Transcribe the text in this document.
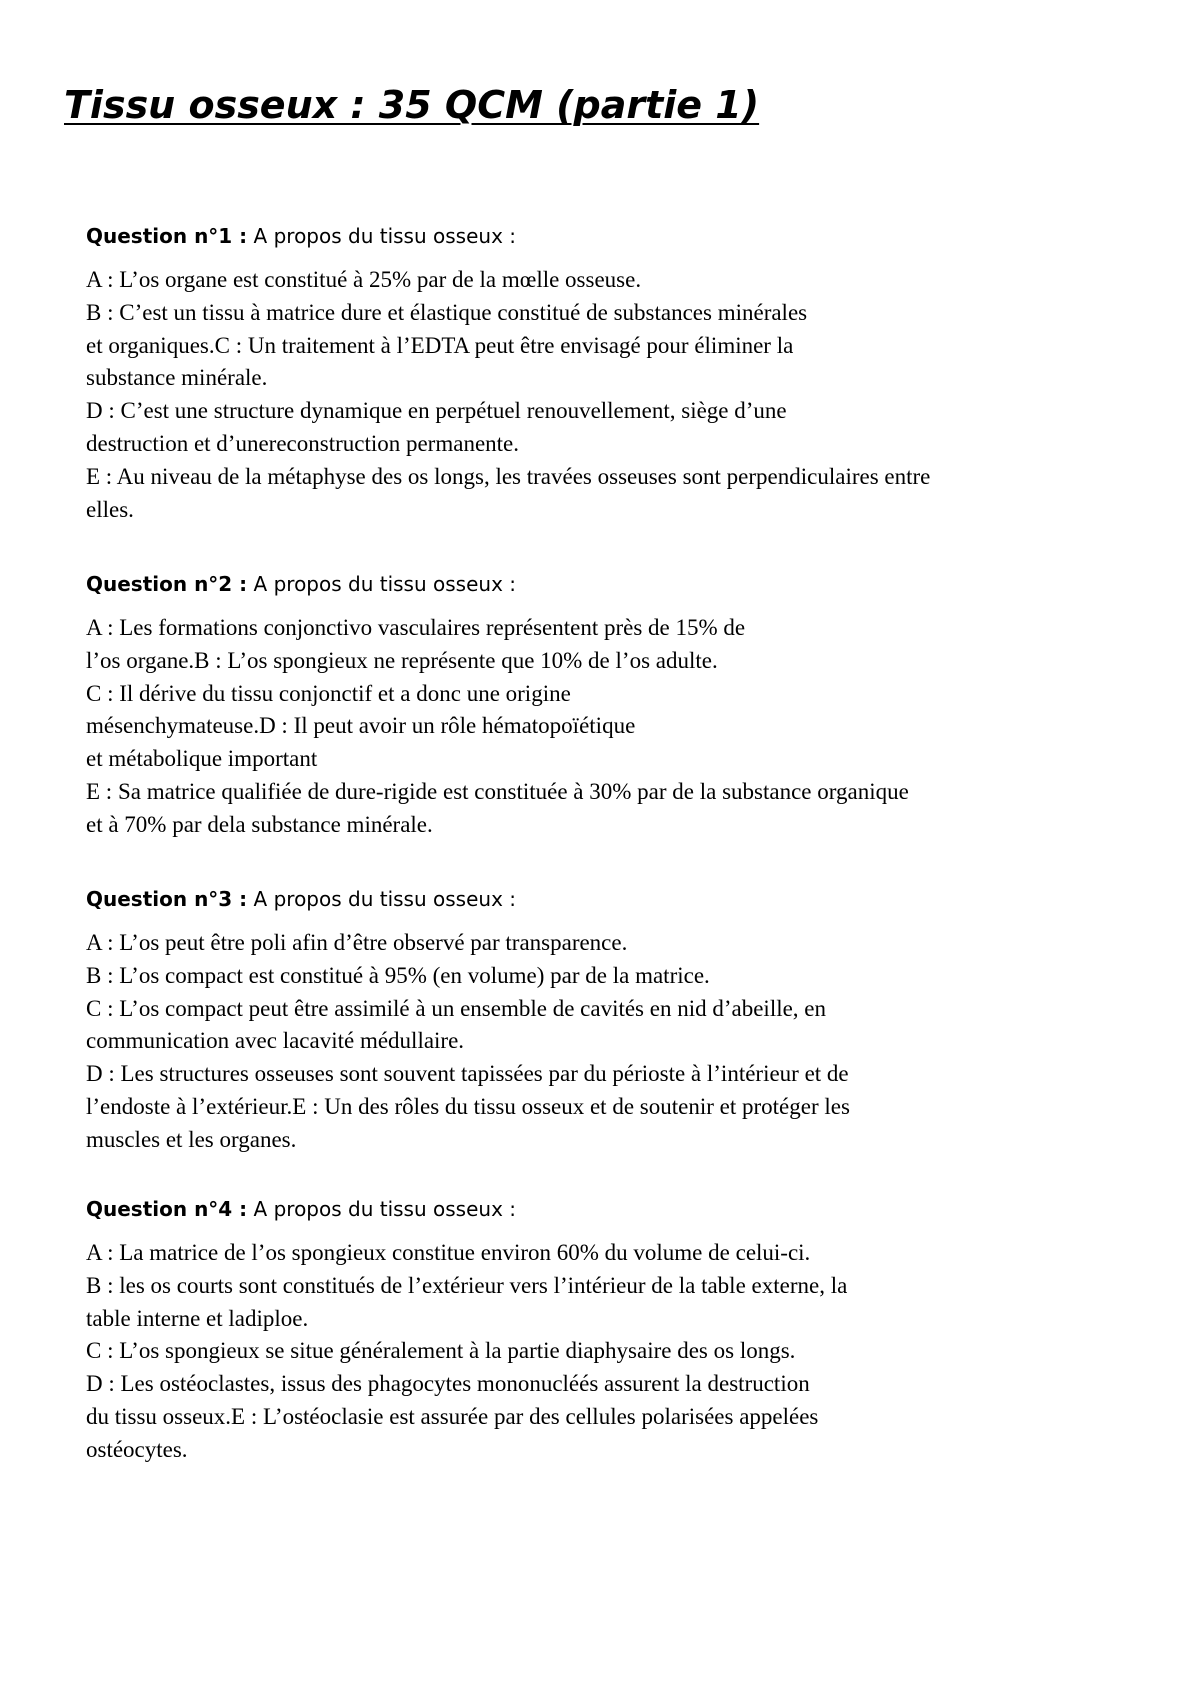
Tissu osseux : 35 QCM (partie 1)
Question n°1 : A propos du tissu osseux :
A : L’os organe est constitué à 25% par de la mœlle osseuse.
B : C’est un tissu à matrice dure et élastique constitué de substances minérales
et organiques.C : Un traitement à l’EDTA peut être envisagé pour éliminer la
substance minérale.
D : C’est une structure dynamique en perpétuel renouvellement, siège d’une
destruction et d’unereconstruction permanente.
E : Au niveau de la métaphyse des os longs, les travées osseuses sont perpendiculaires entre
elles.
Question n°2 : A propos du tissu osseux :
A : Les formations conjonctivo vasculaires représentent près de 15% de
l’os organe.B : L’os spongieux ne représente que 10% de l’os adulte.
C : Il dérive du tissu conjonctif et a donc une origine
mésenchymateuse.D : Il peut avoir un rôle hématopoïétique
et métabolique important
E : Sa matrice qualifiée de dure-rigide est constituée à 30% par de la substance organique
et à 70% par dela substance minérale.
Question n°3 : A propos du tissu osseux :
A : L’os peut être poli afin d’être observé par transparence.
B : L’os compact est constitué à 95% (en volume) par de la matrice.
C : L’os compact peut être assimilé à un ensemble de cavités en nid d’abeille, en
communication avec lacavité médullaire.
D : Les structures osseuses sont souvent tapissées par du périoste à l’intérieur et de
l’endoste à l’extérieur.E : Un des rôles du tissu osseux et de soutenir et protéger les
muscles et les organes.
Question n°4 : A propos du tissu osseux :
A : La matrice de l’os spongieux constitue environ 60% du volume de celui-ci.
B : les os courts sont constitués de l’extérieur vers l’intérieur de la table externe, la
table interne et ladiploe.
C : L’os spongieux se situe généralement à la partie diaphysaire des os longs.
D : Les ostéoclastes, issus des phagocytes mononucléés assurent la destruction
du tissu osseux.E : L’ostéoclasie est assurée par des cellules polarisées appelées
ostéocytes.
